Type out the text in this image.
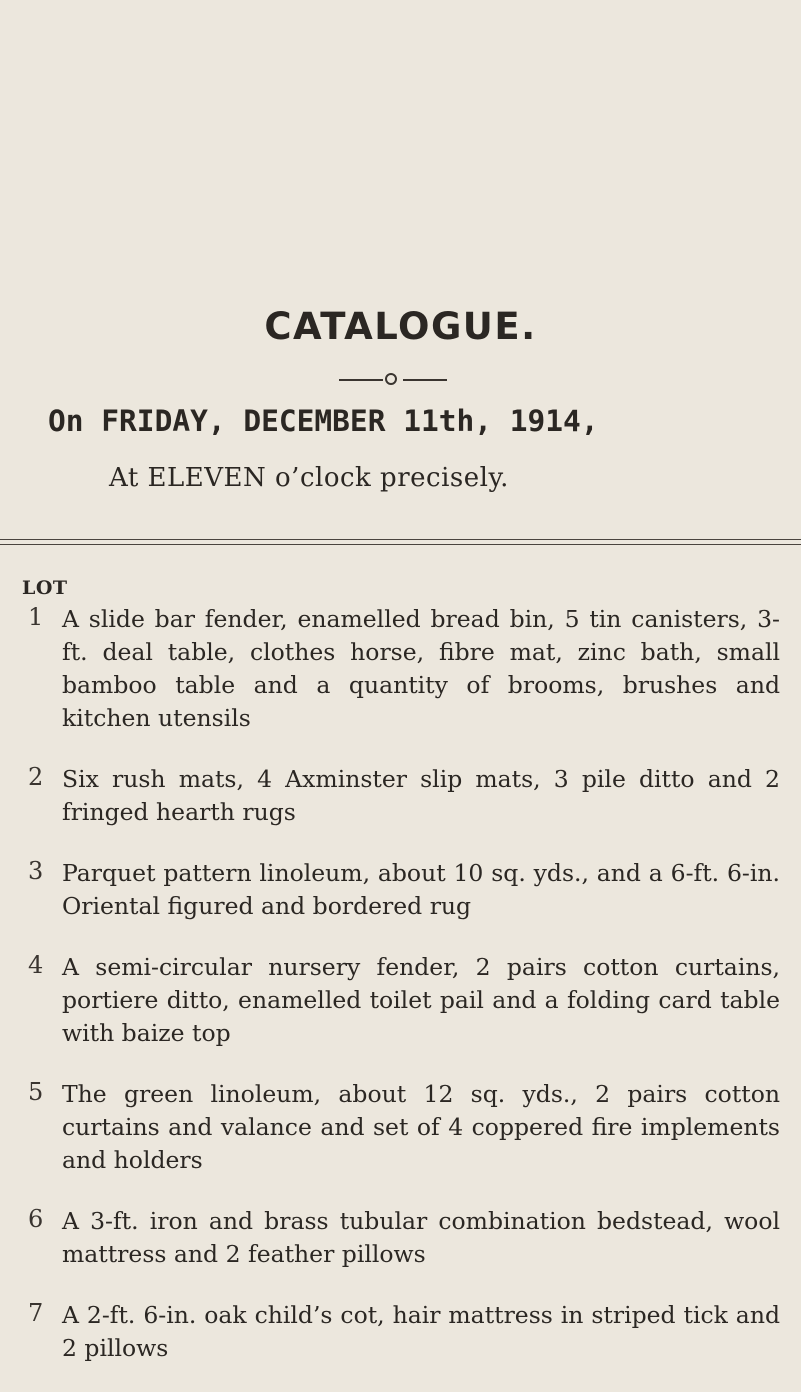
CATALOGUE.
On FRIDAY, DECEMBER 11th, 1914,
At ELEVEN o’clock precisely.
LOT
1 A slide bar fender, enamelled bread bin, 5 tin canisters, 3-ft. deal table, clothes horse, fibre mat, zinc bath, small bamboo table and a quantity of brooms, brushes and kitchen utensils
2 Six rush mats, 4 Axminster slip mats, 3 pile ditto and 2 fringed hearth rugs
3 Parquet pattern linoleum, about 10 sq. yds., and a 6-ft. 6-in. Oriental figured and bordered rug
4 A semi-circular nursery fender, 2 pairs cotton curtains, portiere ditto, enamelled toilet pail and a folding card table with baize top
5 The green linoleum, about 12 sq. yds., 2 pairs cotton curtains and valance and set of 4 coppered fire implements and holders
6 A 3-ft. iron and brass tubular combination bedstead, wool mattress and 2 feather pillows
7 A 2-ft. 6-in. oak child’s cot, hair mattress in striped tick and 2 pillows
